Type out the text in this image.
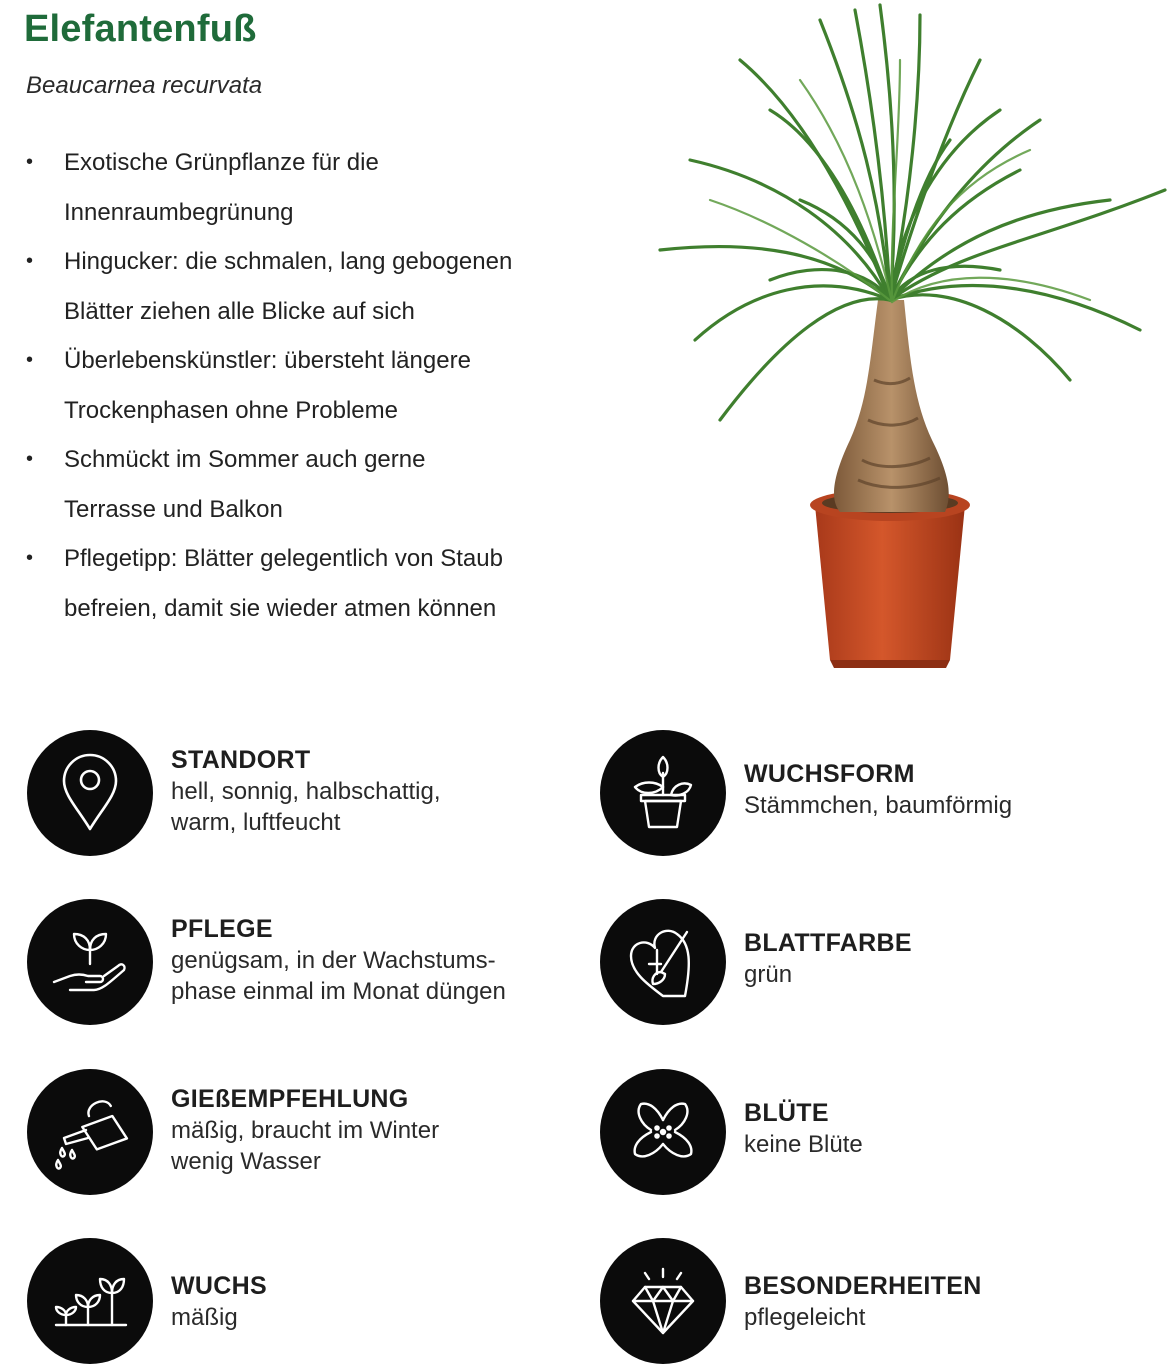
Elefantenfuß
Beaucarnea recurvata
• Exotische Grünpflanze für die
Innenraumbegrünung
• Hingucker: die schmalen, lang gebogenen
Blätter ziehen alle Blicke auf sich
• Überlebenskünstler: übersteht längere
Trockenphasen ohne Probleme
• Schmückt im Sommer auch gerne
Terrasse und Balkon
• Pflegetipp: Blätter gelegentlich von Staub
befreien, damit sie wieder atmen können
STANDORT
hell, sonnig, halbschattig,
warm, luftfeucht
PFLEGE
genügsam, in der Wachstums-
phase einmal im Monat düngen
GIEßEMPFEHLUNG
mäßig, braucht im Winter
wenig Wasser
WUCHS
mäßig
WUCHSFORM
Stämmchen, baumförmig
BLATTFARBE
grün
BLÜTE
keine Blüte
BESONDERHEITEN
pflegeleicht
